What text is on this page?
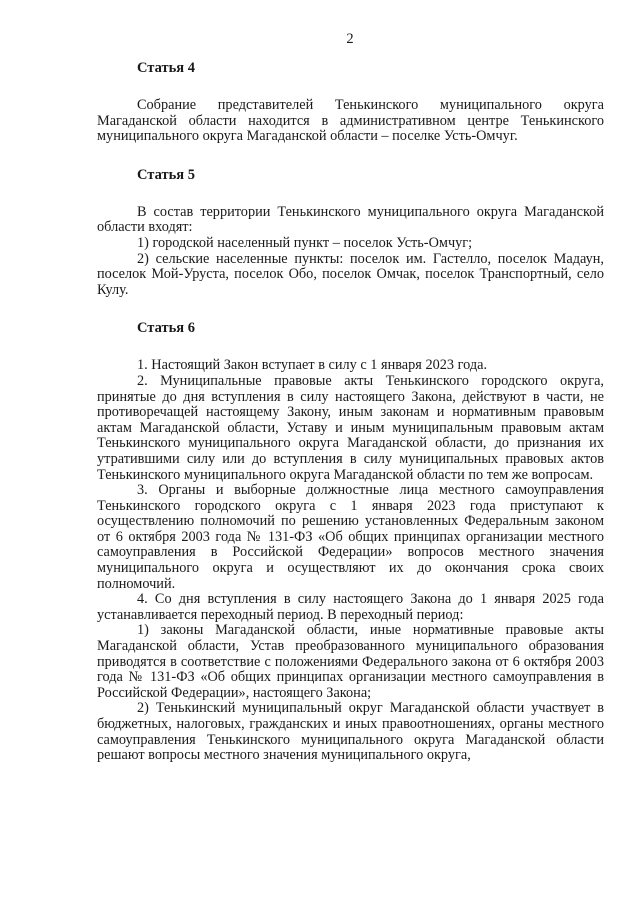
2
Статья 4

Собрание представителей Тенькинского муниципального округа Магаданской области находится в административном центре Тенькинского муниципального округа Магаданской области – поселке Усть-Омчуг.

Статья 5

В состав территории Тенькинского муниципального округа Магаданской области входят:

1) городской населенный пункт – поселок Усть-Омчуг;

2) сельские населенные пункты: поселок им. Гастелло, поселок Мадаун, поселок Мой-Уруста, поселок Обо, поселок Омчак, поселок Транспортный, село Кулу.

Статья 6

1. Настоящий Закон вступает в силу с 1 января 2023 года.

2. Муниципальные правовые акты Тенькинского городского округа, принятые до дня вступления в силу настоящего Закона, действуют в части, не противоречащей настоящему Закону, иным законам и нормативным правовым актам Магаданской области, Уставу и иным муниципальным правовым актам Тенькинского муниципального округа Магаданской области, до признания их утратившими силу или до вступления в силу муниципальных правовых актов Тенькинского муниципального округа Магаданской области по тем же вопросам.

3. Органы и выборные должностные лица местного самоуправления Тенькинского городского округа с 1 января 2023 года приступают к осуществлению полномочий по решению установленных Федеральным законом от 6 октября 2003 года № 131-ФЗ «Об общих принципах организации местного самоуправления в Российской Федерации» вопросов местного значения муниципального округа и осуществляют их до окончания срока своих полномочий.

4. Со дня вступления в силу настоящего Закона до 1 января 2025 года устанавливается переходный период. В переходный период:

1) законы Магаданской области, иные нормативные правовые акты Магаданской области, Устав преобразованного муниципального образования приводятся в соответствие с положениями Федерального закона от 6 октября 2003 года № 131-ФЗ «Об общих принципах организации местного самоуправления в Российской Федерации», настоящего Закона;

2) Тенькинский муниципальный округ Магаданской области участвует в бюджетных, налоговых, гражданских и иных правоотношениях, органы местного самоуправления Тенькинского муниципального округа Магаданской области решают вопросы местного значения муниципального округа,
